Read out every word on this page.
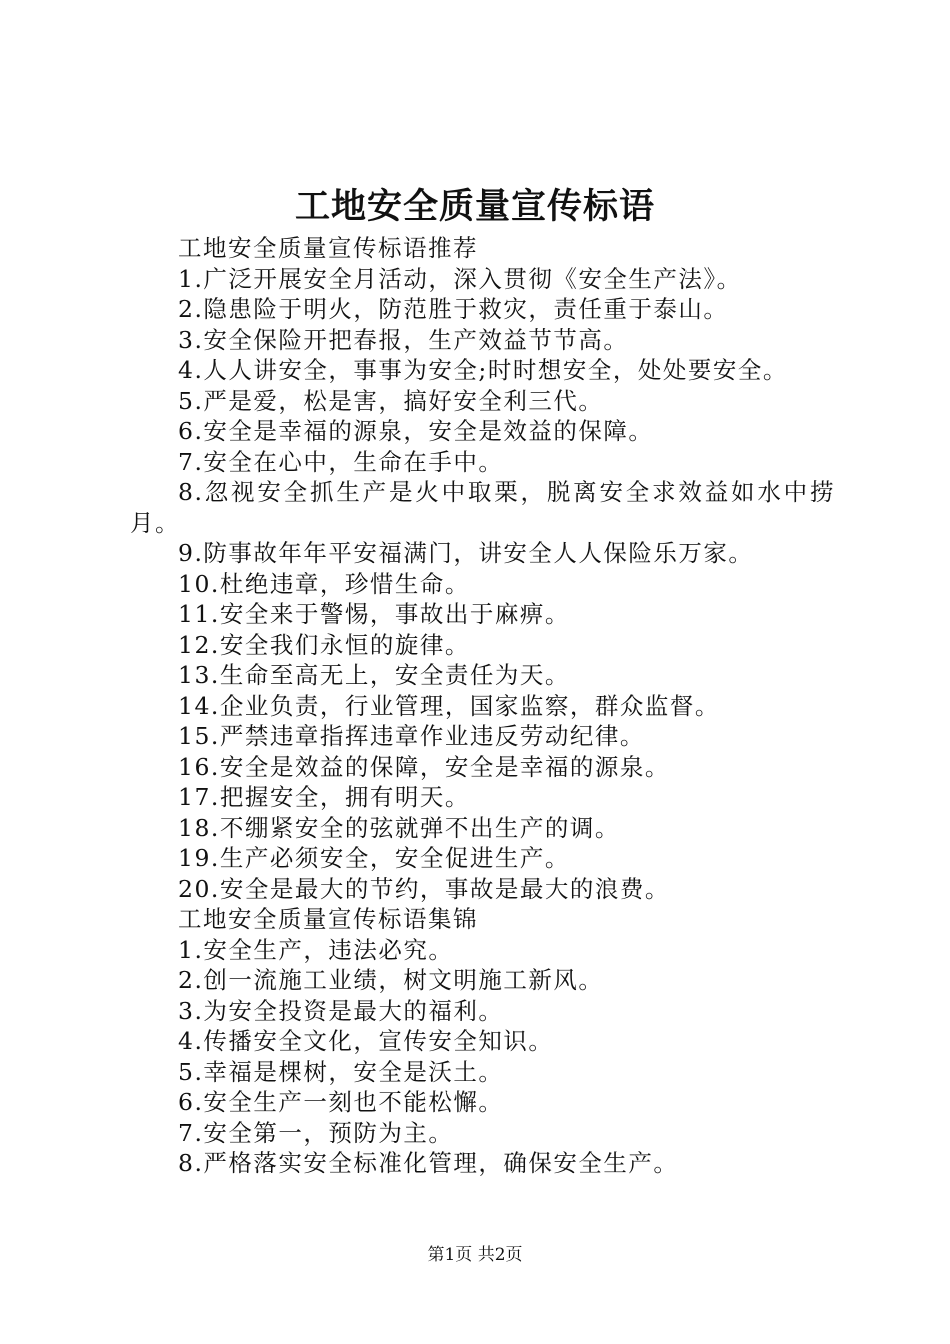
工地安全质量宣传标语

工地安全质量宣传标语推荐

1.广泛开展安全月活动，深入贯彻《安全生产法》。

2.隐患险于明火，防范胜于救灾，责任重于泰山。

3.安全保险开把春报，生产效益节节高。

4.人人讲安全，事事为安全;时时想安全，处处要安全。

5.严是爱，松是害，搞好安全利三代。

6.安全是幸福的源泉，安全是效益的保障。

7.安全在心中，生命在手中。

8.忽视安全抓生产是火中取栗，脱离安全求效益如水中捞月。

9.防事故年年平安福满门，讲安全人人保险乐万家。

10.杜绝违章，珍惜生命。

11.安全来于警惕，事故出于麻痹。

12.安全我们永恒的旋律。

13.生命至高无上，安全责任为天。

14.企业负责，行业管理，国家监察，群众监督。

15.严禁违章指挥违章作业违反劳动纪律。

16.安全是效益的保障，安全是幸福的源泉。

17.把握安全，拥有明天。

18.不绷紧安全的弦就弹不出生产的调。

19.生产必须安全，安全促进生产。

20.安全是最大的节约，事故是最大的浪费。

工地安全质量宣传标语集锦

1.安全生产，违法必究。

2.创一流施工业绩，树文明施工新风。

3.为安全投资是最大的福利。

4.传播安全文化，宣传安全知识。

5.幸福是棵树，安全是沃土。

6.安全生产一刻也不能松懈。

7.安全第一，预防为主。

8.严格落实安全标准化管理，确保安全生产。

第1页 共2页
